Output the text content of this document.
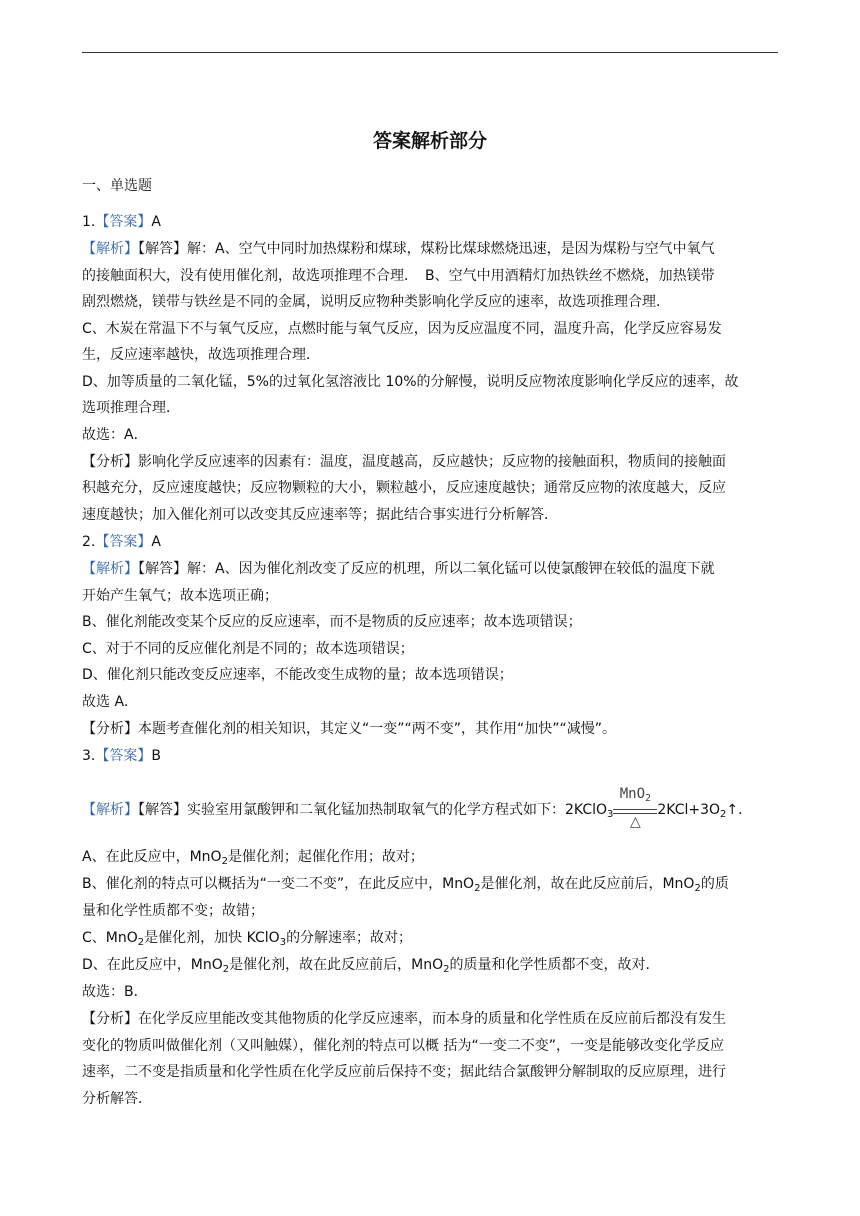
答案解析部分
一、单选题
1.【答案】A
【解析】【解答】解：A、空气中同时加热煤粉和煤球，煤粉比煤球燃烧迅速，是因为煤粉与空气中氧气
的接触面积大，没有使用催化剂，故选项推理不合理．　B、空气中用酒精灯加热铁丝不燃烧，加热镁带
剧烈燃烧，镁带与铁丝是不同的金属，说明反应物种类影响化学反应的速率，故选项推理合理．
C、木炭在常温下不与氧气反应，点燃时能与氧气反应，因为反应温度不同，温度升高，化学反应容易发
生，反应速率越快，故选项推理合理．
D、加等质量的二氧化锰，5%的过氧化氢溶液比 10%的分解慢，说明反应物浓度影响化学反应的速率，故
选项推理合理．
故选：A．
【分析】影响化学反应速率的因素有：温度，温度越高，反应越快；反应物的接触面积，物质间的接触面
积越充分，反应速度越快；反应物颗粒的大小，颗粒越小，反应速度越快；通常反应物的浓度越大，反应
速度越快；加入催化剂可以改变其反应速率等；据此结合事实进行分析解答．
2.【答案】A
【解析】【解答】解：A、因为催化剂改变了反应的机理，所以二氧化锰可以使氯酸钾在较低的温度下就
开始产生氧气；故本选项正确；
B、催化剂能改变某个反应的反应速率，而不是物质的反应速率；故本选项错误；
C、对于不同的反应催化剂是不同的；故本选项错误；
D、催化剂只能改变反应速率，不能改变生成物的量；故本选项错误；
故选 A．
【分析】本题考查催化剂的相关知识，其定义“一变”“两不变”，其作用“加快”“减慢”。
3.【答案】B
【解析】【解答】实验室用氯酸钾和二氧化锰加热制取氧气的化学方程式如下：2KClO$_3$
MnO$_2$
△
$2KCl+3O_2↑$．
A、在此反应中，MnO$_2$是催化剂；起催化作用；故对；
B、催化剂的特点可以概括为“一变二不变”，在此反应中，MnO$_2$是催化剂，故在此反应前后，MnO$_2$的质
量和化学性质都不变；故错；
C、MnO$_2$是催化剂，加快 KClO$_3$的分解速率；故对；
D、在此反应中，MnO$_2$是催化剂，故在此反应前后，MnO$_2$的质量和化学性质都不变，故对．
故选：B．
【分析】在化学反应里能改变其他物质的化学反应速率，而本身的质量和化学性质在反应前后都没有发生
变化的物质叫做催化剂（又叫触媒），催化剂的特点可以概 括为“一变二不变”，一变是能够改变化学反应
速率，二不变是指质量和化学性质在化学反应前后保持不变；据此结合氯酸钾分解制取的反应原理，进行
分析解答．
